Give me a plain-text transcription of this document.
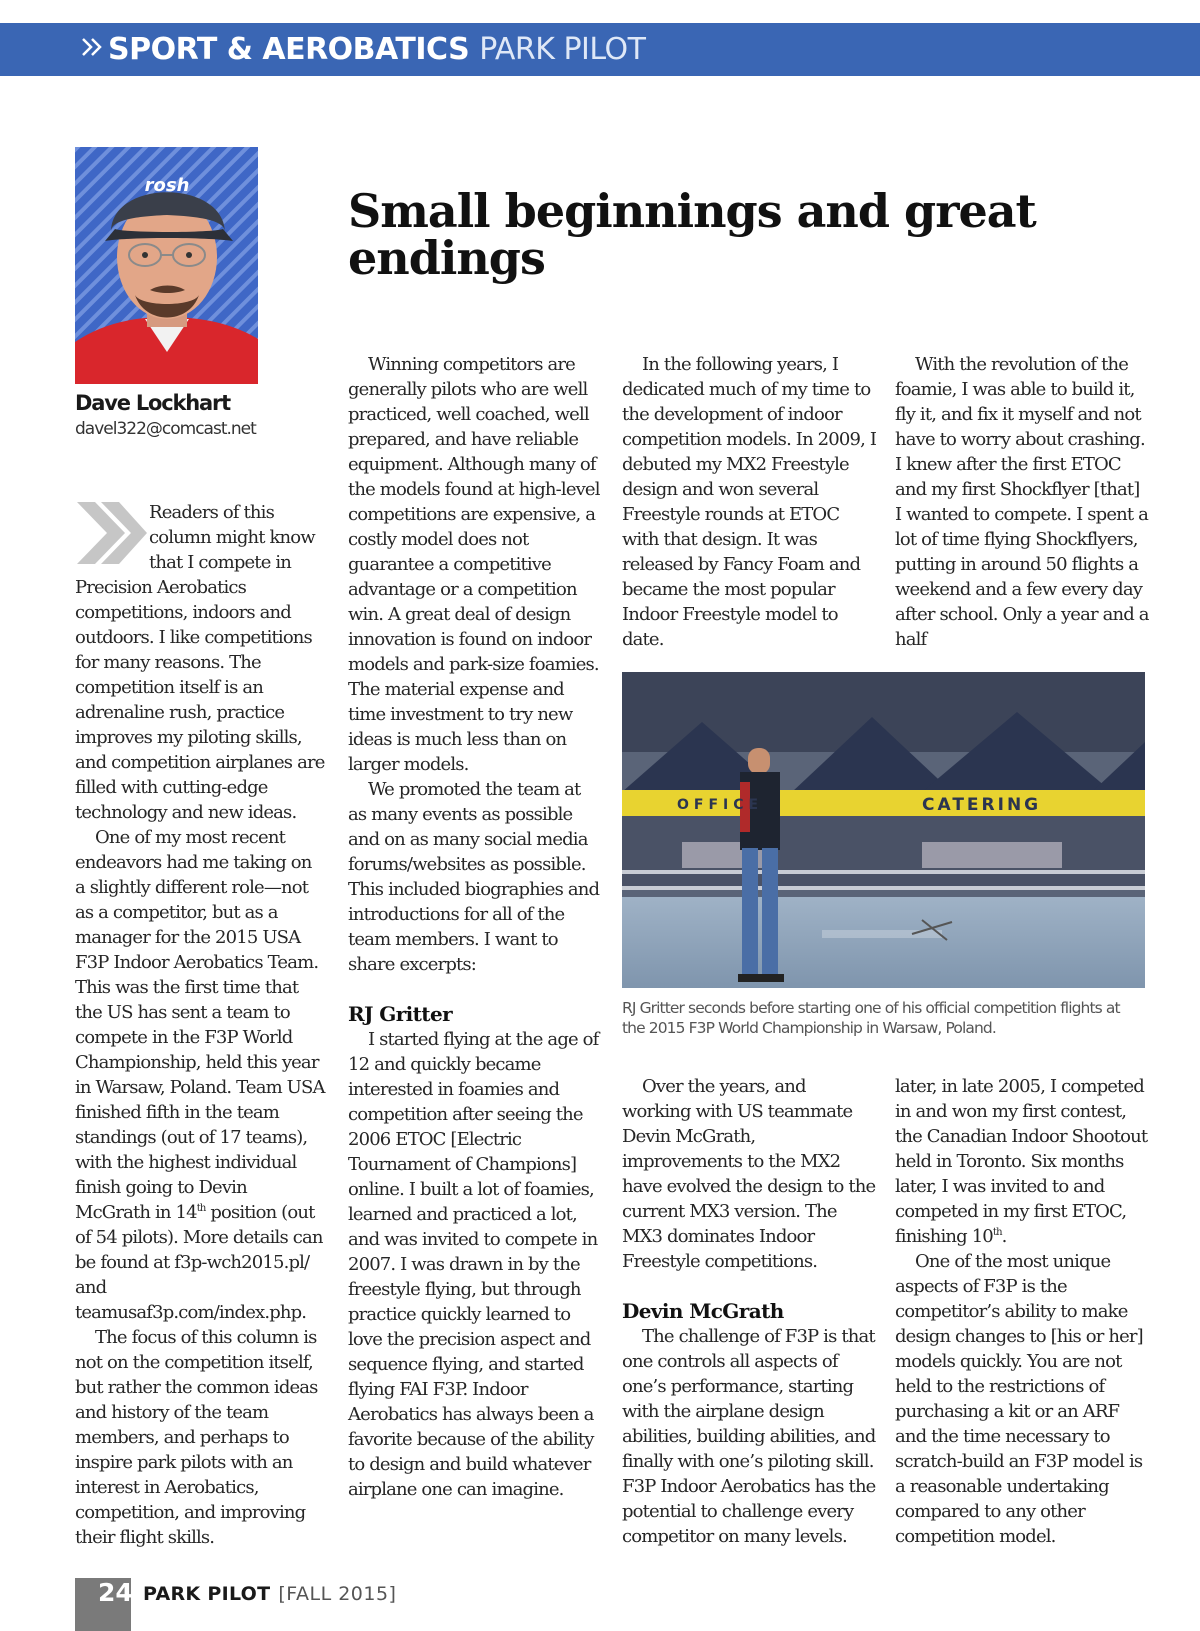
SPORT & AEROBATICS PARK PILOT
rosh
Dave Lockhart
davel322@comcast.net
Small beginnings and great endings

Readers of this column might know that I compete in Precision Aerobatics competitions, indoors and outdoors. I like competitions for many reasons. The competition itself is an adrenaline rush, practice improves my piloting skills, and competition airplanes are filled with cutting-edge technology and new ideas.

One of my most recent endeavors had me taking on a slightly different role—not as a competitor, but as a manager for the 2015 USA F3P Indoor Aerobatics Team. This was the first time that the US has sent a team to compete in the F3P World Championship, held this year in Warsaw, Poland. Team USA finished fifth in the team standings (out of 17 teams), with the highest individual finish going to Devin McGrath in 14th position (out of 54 pilots). More details can be found at f3p-wch2015.pl/ and teamusaf3p.com/index.php.

The focus of this column is not on the competition itself, but rather the common ideas and history of the team members, and perhaps to inspire park pilots with an interest in Aerobatics, competition, and improving their flight skills.

Winning competitors are generally pilots who are well practiced, well coached, well prepared, and have reliable equipment. Although many of the models found at high-level competitions are expensive, a costly model does not guarantee a competitive advantage or a competition win. A great deal of design innovation is found on indoor models and park-size foamies. The material expense and time investment to try new ideas is much less than on larger models.

We promoted the team at as many events as possible and on as many social media forums/websites as possible. This included biographies and introductions for all of the team members. I want to share excerpts:

RJ Gritter

I started flying at the age of 12 and quickly became interested in foamies and competition after seeing the 2006 ETOC [Electric Tournament of Champions] online. I built a lot of foamies, learned and practiced a lot, and was invited to compete in 2007. I was drawn in by the freestyle flying, but through practice quickly learned to love the precision aspect and sequence flying, and started flying FAI F3P. Indoor Aerobatics has always been a favorite because of the ability to design and build whatever airplane one can imagine.

In the following years, I dedicated much of my time to the development of indoor competition models. In 2009, I debuted my MX2 Freestyle design and won several Freestyle rounds at ETOC with that design. It was released by Fancy Foam and became the most popular Indoor Freestyle model to date.

With the revolution of the foamie, I was able to build it, fly it, and fix it myself and not have to worry about crashing. I knew after the first ETOC and my first Shockflyer [that] I wanted to compete. I spent a lot of time flying Shockflyers, putting in around 50 flights a weekend and a few every day after school. Only a year and a half

OFFICE	CATERING
RJ Gritter seconds before starting one of his official competition flights at the 2015 F3P World Championship in Warsaw, Poland.

Over the years, and working with US teammate Devin McGrath, improvements to the MX2 have evolved the design to the current MX3 version. The MX3 dominates Indoor Freestyle competitions.

Devin McGrath

The challenge of F3P is that one controls all aspects of one’s performance, starting with the airplane design abilities, building abilities, and finally with one’s piloting skill. F3P Indoor Aerobatics has the potential to challenge every competitor on many levels.

later, in late 2005, I competed in and won my first contest, the Canadian Indoor Shootout held in Toronto. Six months later, I was invited to and competed in my first ETOC, finishing 10th.

One of the most unique aspects of F3P is the competitor’s ability to make design changes to [his or her] models quickly. You are not held to the restrictions of purchasing a kit or an ARF and the time necessary to scratch-build an F3P model is a reasonable undertaking compared to any other competition model.

24 PARK PILOT [FALL 2015]
